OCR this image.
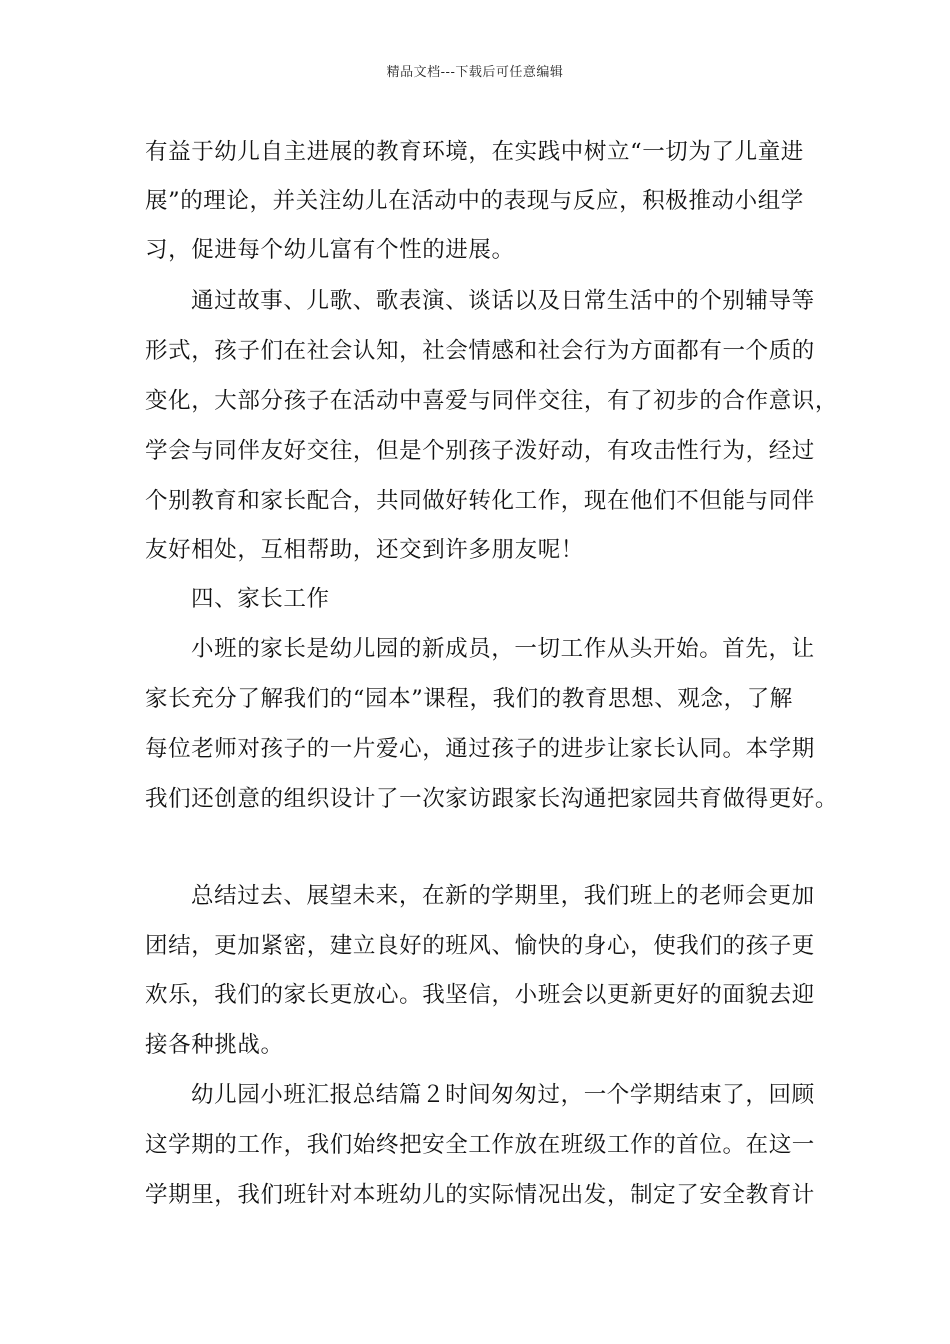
精品文档---下载后可任意编辑
有益于幼儿自主进展的教育环境，在实践中树立“一切为了儿童进
展”的理论，并关注幼儿在活动中的表现与反应，积极推动小组学
习，促进每个幼儿富有个性的进展。
通过故事、儿歌、歌表演、谈话以及日常生活中的个别辅导等
形式，孩子们在社会认知，社会情感和社会行为方面都有一个质的
变化，大部分孩子在活动中喜爱与同伴交往，有了初步的合作意识，
学会与同伴友好交往，但是个别孩子泼好动，有攻击性行为，经过
个别教育和家长配合，共同做好转化工作，现在他们不但能与同伴
友好相处，互相帮助，还交到许多朋友呢！
四、家长工作
小班的家长是幼儿园的新成员，一切工作从头开始。首先，让
家长充分了解我们的“园本”课程，我们的教育思想、观念，了解
每位老师对孩子的一片爱心，通过孩子的进步让家长认同。本学期
我们还创意的组织设计了一次家访跟家长沟通把家园共育做得更好。
总结过去、展望未来，在新的学期里，我们班上的老师会更加
团结，更加紧密，建立良好的班风、愉快的身心，使我们的孩子更
欢乐，我们的家长更放心。我坚信，小班会以更新更好的面貌去迎
接各种挑战。
幼儿园小班汇报总结篇２时间匆匆过，一个学期结束了，回顾
这学期的工作，我们始终把安全工作放在班级工作的首位。在这一
学期里，我们班针对本班幼儿的实际情况出发，制定了安全教育计
